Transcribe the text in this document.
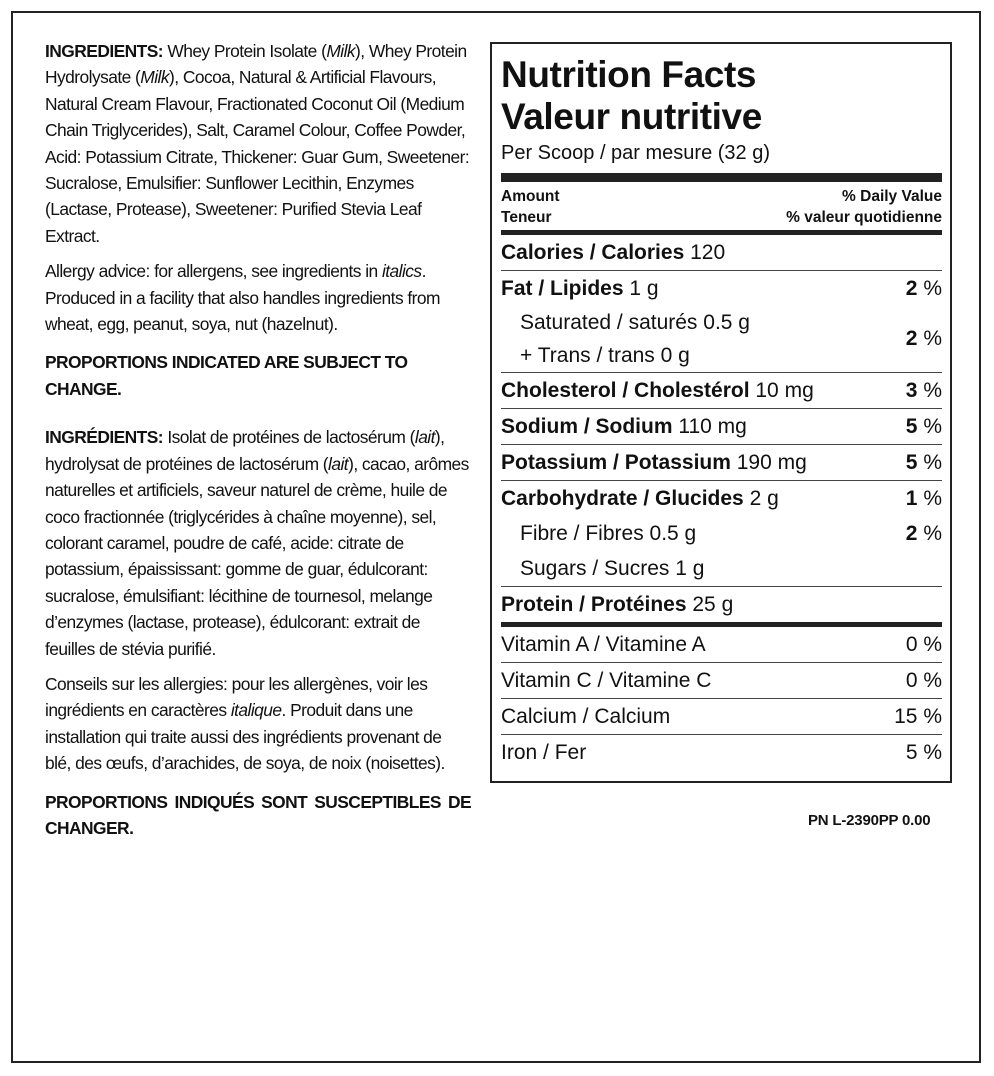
INGREDIENTS: Whey Protein Isolate (Milk), Whey Protein Hydrolysate (Milk), Cocoa, Natural & Artificial Flavours, Natural Cream Flavour, Fractionated Coconut Oil (Medium Chain Triglycerides), Salt, Caramel Colour, Coffee Powder, Acid: Potassium Citrate, Thickener: Guar Gum, Sweetener: Sucralose, Emulsifier: Sunflower Lecithin, Enzymes (Lactase, Protease), Sweetener: Purified Stevia Leaf Extract.

Allergy advice: for allergens, see ingredients in italics. Produced in a facility that also handles ingredients from wheat, egg, peanut, soya, nut (hazelnut).

PROPORTIONS INDICATED ARE SUBJECT TO CHANGE.

INGRÉDIENTS: Isolat de protéines de lactosérum (lait), hydrolysat de protéines de lactosérum (lait), cacao, arômes naturelles et artificiels, saveur naturel de crème, huile de coco fractionnée (triglycérides à chaîne moyenne), sel, colorant caramel, poudre de café, acide: citrate de potassium, épaississant: gomme de guar, édulcorant: sucralose, émulsifiant: lécithine de tournesol, melange d’enzymes (lactase, protease), édulcorant: extrait de feuilles de stévia purifié.

Conseils sur les allergies: pour les allergènes, voir les ingrédients en caractères italique. Produit dans une installation qui traite aussi des ingrédients provenant de blé, des œufs, d’arachides, de soya, de noix (noisettes).

PROPORTIONS INDIQUÉS SONT SUSCEPTIBLES DE CHANGER.

Nutrition Facts
Valeur nutritive
Per Scoop / par mesure (32 g)
Amount
Teneur
% Daily Value
% valeur quotidienne
Calories / Calories 120
Fat / Lipides 1 g	2 %
Saturated / saturés 0.5 g
+ Trans / trans 0 g
2 %
Cholesterol / Cholestérol 10 mg	3 %
Sodium / Sodium 110 mg	5 %
Potassium / Potassium 190 mg	5 %
Carbohydrate / Glucides 2 g	1 %
Fibre / Fibres 0.5 g	2 %
Sugars / Sucres 1 g
Protein / Protéines 25 g
Vitamin A / Vitamine A	0 %
Vitamin C / Vitamine C	0 %
Calcium / Calcium	15 %
Iron / Fer	5 %
PN L-2390PP 0.00
